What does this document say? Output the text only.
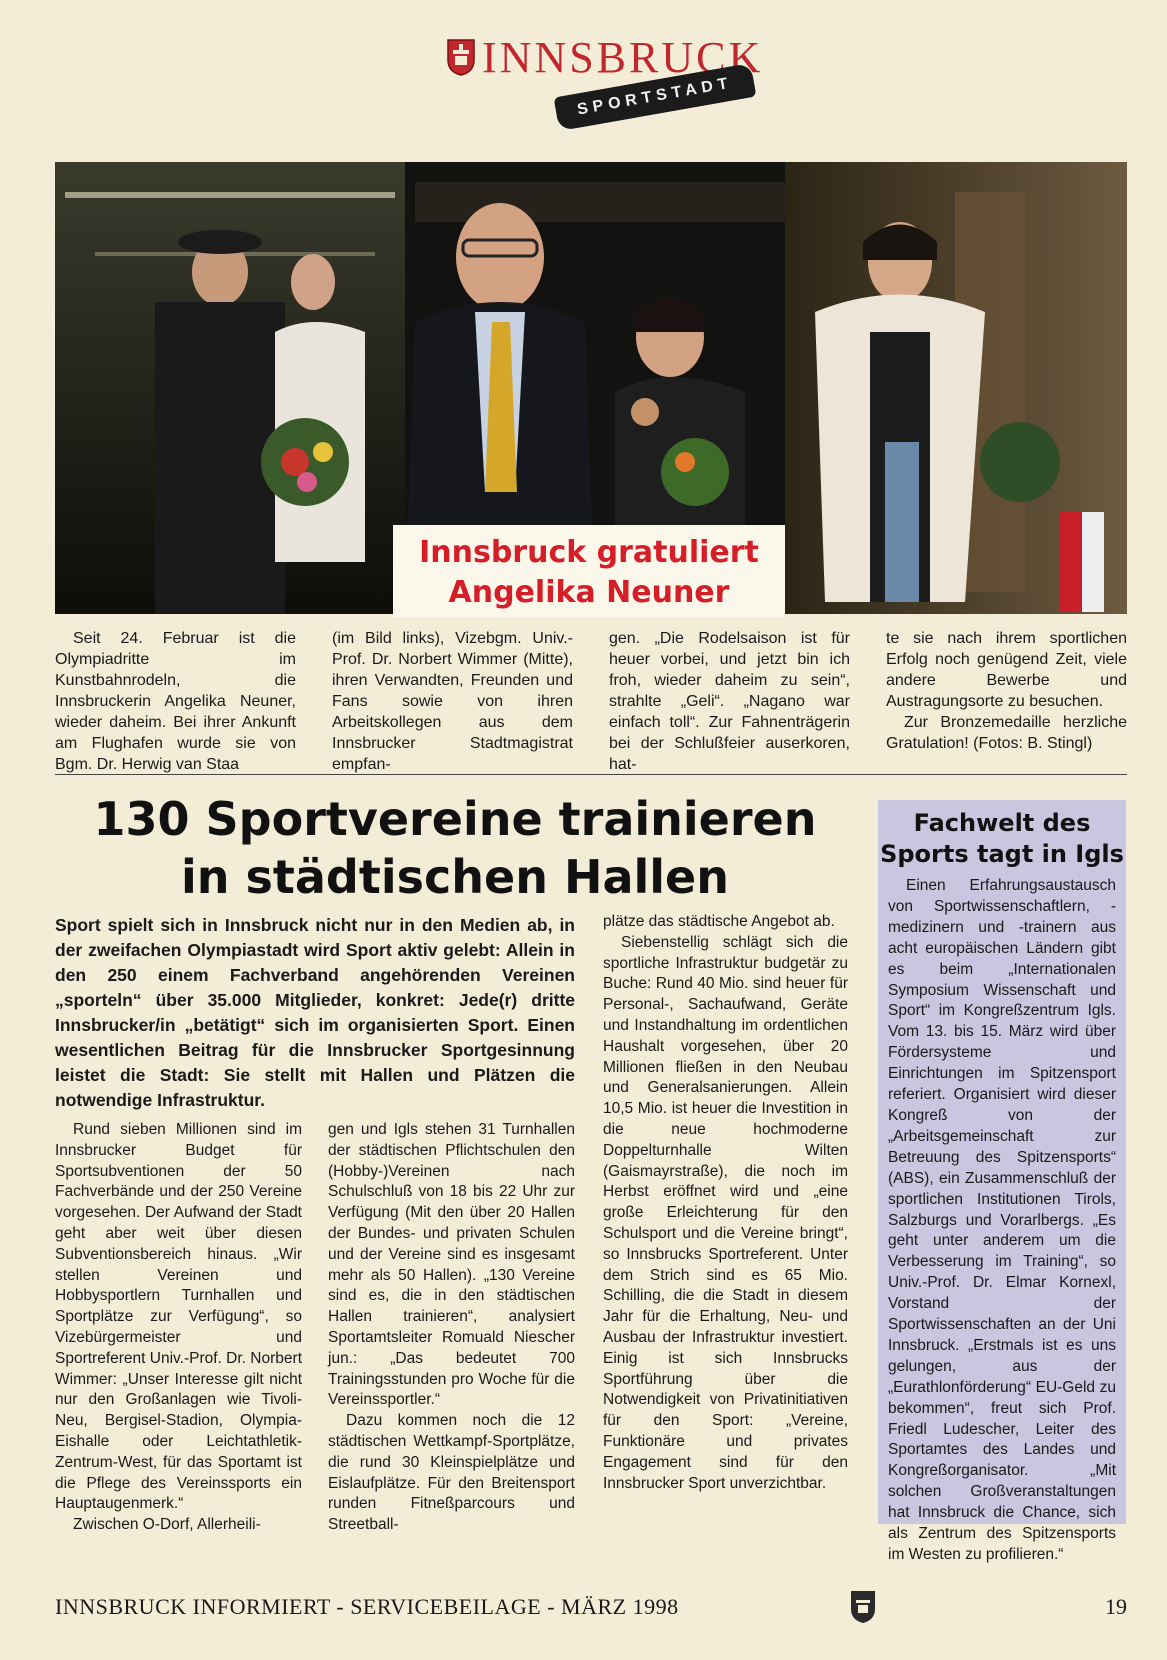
INNSBRUCK
SPORTSTADT
Innsbruck gratuliert
Angelika Neuner

Seit 24. Februar ist die Olympiadritte im Kunstbahnrodeln, die Innsbruckerin Angelika Neuner, wieder daheim. Bei ihrer Ankunft am Flughafen wurde sie von Bgm. Dr. Herwig van Staa

(im Bild links), Vizebgm. Univ.-Prof. Dr. Norbert Wimmer (Mitte), ihren Verwandten, Freunden und Fans sowie von ihren Arbeitskollegen aus dem Innsbrucker Stadtmagistrat empfan-

gen. „Die Rodelsaison ist für heuer vorbei, und jetzt bin ich froh, wieder daheim zu sein“, strahlte „Geli“. „Nagano war einfach toll“. Zur Fahnenträgerin bei der Schlußfeier auserkoren, hat-

te sie nach ihrem sportlichen Erfolg noch genügend Zeit, viele andere Bewerbe und Austragungsorte zu besuchen.

Zur Bronzemedaille herzliche Gratulation! (Fotos: B. Stingl)

130 Sportvereine trainieren
in städtischen Hallen
Sport spielt sich in Innsbruck nicht nur in den Medien ab, in der zweifachen Olympiastadt wird Sport aktiv gelebt: Allein in den 250 einem Fachverband angehörenden Vereinen „sporteln“ über 35.000 Mitglieder, konkret: Jede(r) dritte Innsbrucker/in „betätigt“ sich im organisierten Sport. Einen wesentlichen Beitrag für die Innsbrucker Sportgesinnung leistet die Stadt: Sie stellt mit Hallen und Plätzen die notwendige Infrastruktur.

Rund sieben Millionen sind im Innsbrucker Budget für Sportsubventionen der 50 Fachverbände und der 250 Vereine vorgesehen. Der Aufwand der Stadt geht aber weit über diesen Subventionsbereich hinaus. „Wir stellen Vereinen und Hobbysportlern Turnhallen und Sportplätze zur Verfügung“, so Vizebürgermeister und Sportreferent Univ.-Prof. Dr. Norbert Wimmer: „Unser Interesse gilt nicht nur den Großanlagen wie Tivoli-Neu, Bergisel-Stadion, Olympia-Eishalle oder Leichtathletik-Zentrum-West, für das Sportamt ist die Pflege des Vereinssports ein Hauptaugenmerk.“

Zwischen O-Dorf, Allerheili-

gen und Igls stehen 31 Turnhallen der städtischen Pflichtschulen den (Hobby-)Vereinen nach Schulschluß von 18 bis 22 Uhr zur Verfügung (Mit den über 20 Hallen der Bundes- und privaten Schulen und der Vereine sind es insgesamt mehr als 50 Hallen). „130 Vereine sind es, die in den städtischen Hallen trainieren“, analysiert Sportamtsleiter Romuald Niescher jun.: „Das bedeutet 700 Trainingsstunden pro Woche für die Vereinssportler.“

Dazu kommen noch die 12 städtischen Wettkampf-Sportplätze, die rund 30 Kleinspielplätze und Eislaufplätze. Für den Breitensport runden Fitneßparcours und Streetball-

plätze das städtische Angebot ab.

Siebenstellig schlägt sich die sportliche Infrastruktur budgetär zu Buche: Rund 40 Mio. sind heuer für Personal-, Sachaufwand, Geräte und Instandhaltung im ordentlichen Haushalt vorgesehen, über 20 Millionen fließen in den Neubau und Generalsanierungen. Allein 10,5 Mio. ist heuer die Investition in die neue hochmoderne Doppelturnhalle Wilten (Gaismayrstraße), die noch im Herbst eröffnet wird und „eine große Erleichterung für den Schulsport und die Vereine bringt“, so Innsbrucks Sportreferent. Unter dem Strich sind es 65 Mio. Schilling, die die Stadt in diesem Jahr für die Erhaltung, Neu- und Ausbau der Infrastruktur investiert. Einig ist sich Innsbrucks Sportführung über die Notwendigkeit von Privatinitiativen für den Sport: „Vereine, Funktionäre und privates Engagement sind für den Innsbrucker Sport unverzichtbar.

Fachwelt des
Sports tagt in Igls

Einen Erfahrungsaustausch von Sportwissenschaftlern, -medizinern und -trainern aus acht europäischen Ländern gibt es beim „Internationalen Symposium Wissenschaft und Sport“ im Kongreßzentrum Igls. Vom 13. bis 15. März wird über Fördersysteme und Einrichtungen im Spitzensport referiert. Organisiert wird dieser Kongreß von der „Arbeitsgemeinschaft zur Betreuung des Spitzensports“ (ABS), ein Zusammenschluß der sportlichen Institutionen Tirols, Salzburgs und Vorarlbergs. „Es geht unter anderem um die Verbesserung im Training“, so Univ.-Prof. Dr. Elmar Kornexl, Vorstand der Sportwissenschaften an der Uni Innsbruck. „Erstmals ist es uns gelungen, aus der „Eurathlonförderung“ EU-Geld zu bekommen“, freut sich Prof. Friedl Ludescher, Leiter des Sportamtes des Landes und Kongreßorganisator. „Mit solchen Großveranstaltungen hat Innsbruck die Chance, sich als Zentrum des Spitzensports im Westen zu profilieren.“

INNSBRUCK INFORMIERT - SERVICEBEILAGE - MÄRZ 1998	19
